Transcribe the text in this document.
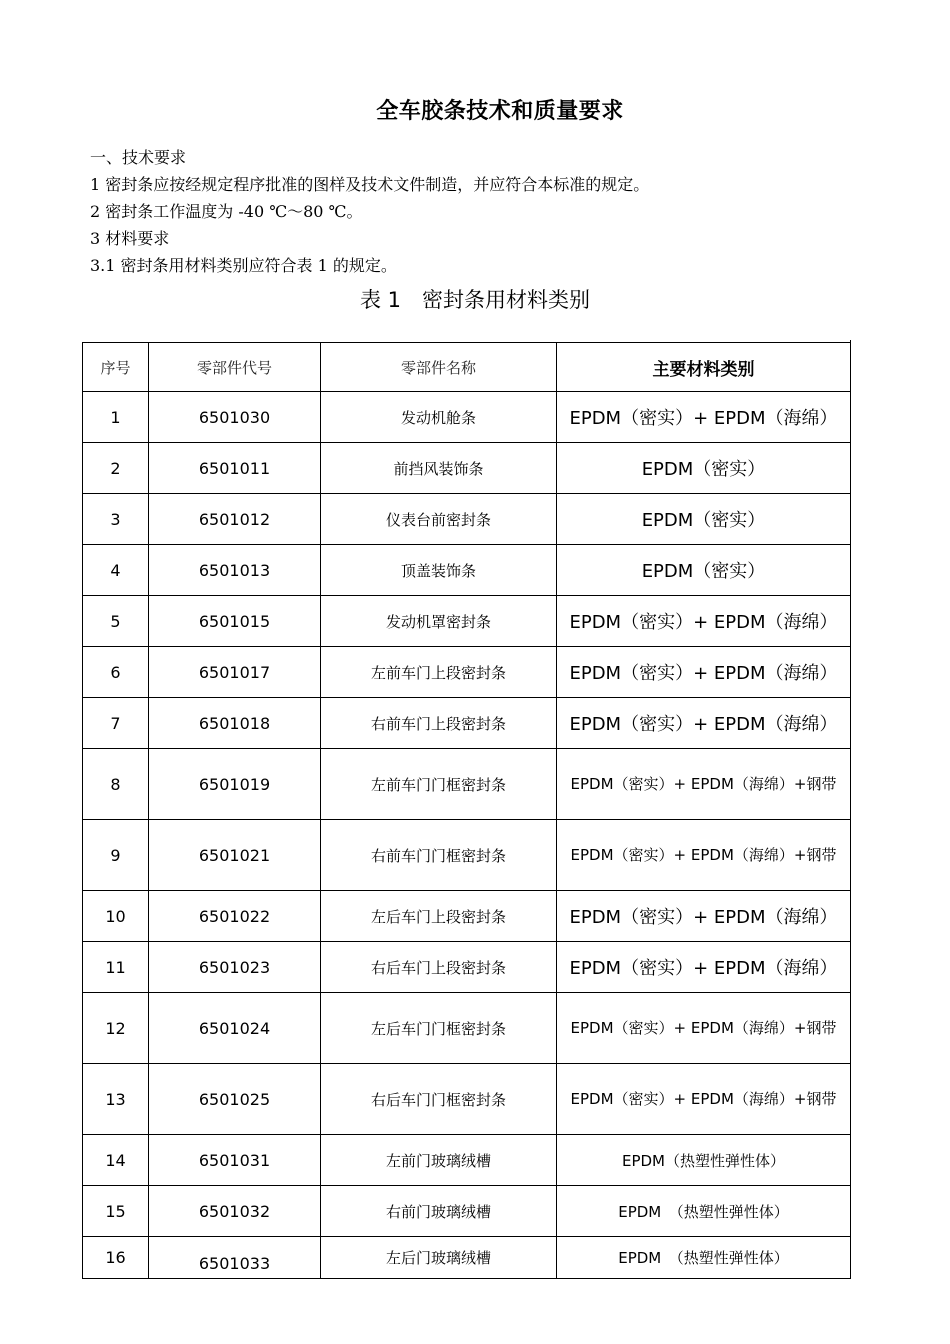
全车胶条技术和质量要求
一、技术要求
1 密封条应按经规定程序批准的图样及技术文件制造，并应符合本标准的规定。
2 密封条工作温度为 -40 ℃～80 ℃。
3 材料要求
3.1 密封条用材料类别应符合表 1 的规定。
表 1　密封条用材料类别
序号	零部件代号	零部件名称	主要材料类别
1	6501030	发动机舱条	EPDM（密实）+ EPDM（海绵）
2	6501011	前挡风装饰条	EPDM（密实）
3	6501012	仪表台前密封条	EPDM（密实）
4	6501013	顶盖装饰条	EPDM（密实）
5	6501015	发动机罩密封条	EPDM（密实）+ EPDM（海绵）
6	6501017	左前车门上段密封条	EPDM（密实）+ EPDM（海绵）
7	6501018	右前车门上段密封条	EPDM（密实）+ EPDM（海绵）
8	6501019	左前车门门框密封条	EPDM（密实）+ EPDM（海绵）+钢带
9	6501021	右前车门门框密封条	EPDM（密实）+ EPDM（海绵）+钢带
10	6501022	左后车门上段密封条	EPDM（密实）+ EPDM（海绵）
11	6501023	右后车门上段密封条	EPDM（密实）+ EPDM（海绵）
12	6501024	左后车门门框密封条	EPDM（密实）+ EPDM（海绵）+钢带
13	6501025	右后车门门框密封条	EPDM（密实）+ EPDM（海绵）+钢带
14	6501031	左前门玻璃绒槽	EPDM（热塑性弹性体）
15	6501032	右前门玻璃绒槽	EPDM　（热塑性弹性体）
16	6501033	左后门玻璃绒槽	EPDM　（热塑性弹性体）
